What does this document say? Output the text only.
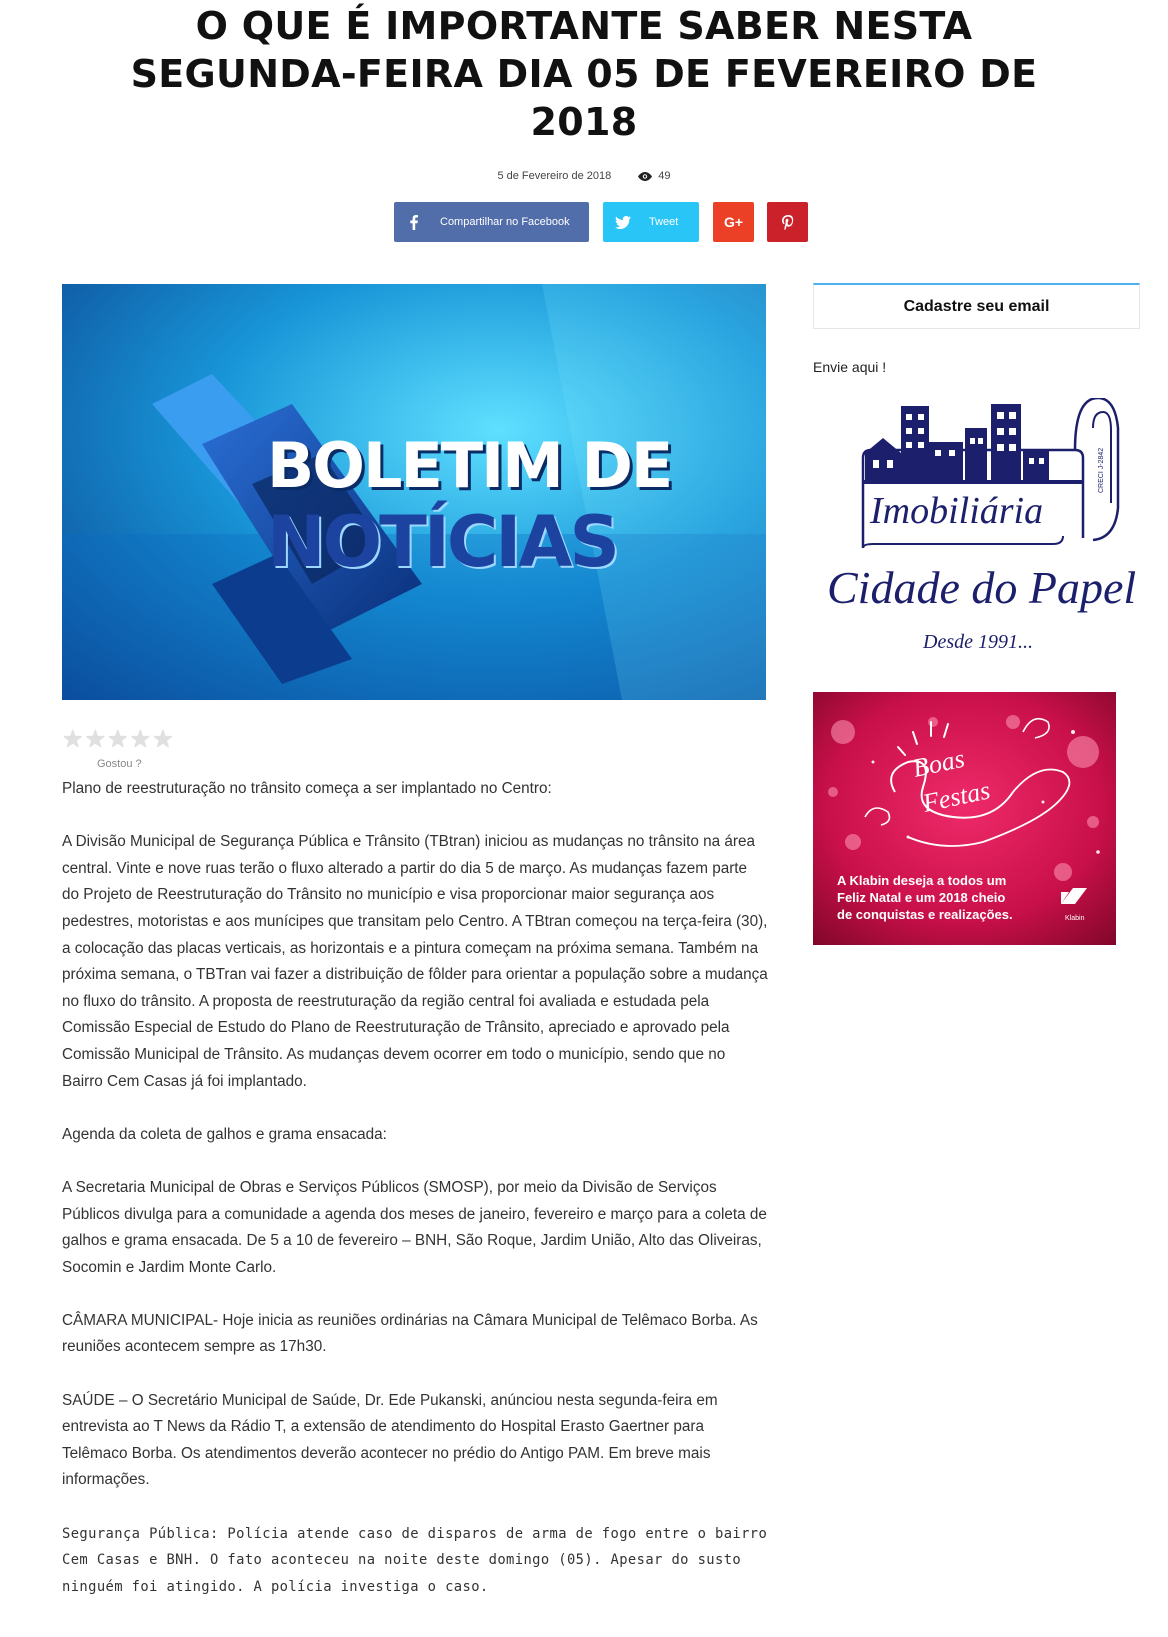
O QUE É IMPORTANTE SABER NESTA SEGUNDA-FEIRA DIA 05 DE FEVEREIRO DE 2018
5 de Fevereiro de 2018	49
Compartilhar no Facebook	Tweet	G+
BOLETIM DE
NOTÍCIAS
★ ★ ★ ★ ★
Gostou ?

Plano de reestruturação no trânsito começa a ser implantado no Centro:

A Divisão Municipal de Segurança Pública e Trânsito (TBtran) iniciou as mudanças no trânsito na área central. Vinte e nove ruas terão o fluxo alterado a partir do dia 5 de março. As mudanças fazem parte do Projeto de Reestruturação do Trânsito no município e visa proporcionar maior segurança aos pedestres, motoristas e aos munícipes que transitam pelo Centro. A TBtran começou na terça-feira (30), a colocação das placas verticais, as horizontais e a pintura começam na próxima semana. Também na próxima semana, o TBTran vai fazer a distribuição de fôlder para orientar a população sobre a mudança no fluxo do trânsito. A proposta de reestruturação da região central foi avaliada e estudada pela Comissão Especial de Estudo do Plano de Reestruturação de Trânsito, apreciado e aprovado pela Comissão Municipal de Trânsito. As mudanças devem ocorrer em todo o município, sendo que no Bairro Cem Casas já foi implantado.

Agenda da coleta de galhos e grama ensacada:

A Secretaria Municipal de Obras e Serviços Públicos (SMOSP), por meio da Divisão de Serviços Públicos divulga para a comunidade a agenda dos meses de janeiro, fevereiro e março para a coleta de galhos e grama ensacada. De 5 a 10 de fevereiro – BNH, São Roque, Jardim União, Alto das Oliveiras, Socomin e Jardim Monte Carlo.

CÂMARA MUNICIPAL- Hoje inicia as reuniões ordinárias na Câmara Municipal de Telêmaco Borba. As reuniões acontecem sempre as 17h30.

SAÚDE – O Secretário Municipal de Saúde, Dr. Ede Pukanski, anúnciou nesta segunda-feira em entrevista ao T News da Rádio T, a extensão de atendimento do Hospital Erasto Gaertner para Telêmaco Borba. Os atendimentos deverão acontecer no prédio do Antigo PAM. Em breve mais informações.

Segurança Pública: Polícia atende caso de disparos de arma de fogo entre o bairro Cem Casas e BNH. O fato aconteceu na noite deste domingo (05). Apesar do susto ninguém foi atingido. A polícia investiga o caso.

Cadastre seu email
Envie aqui !
CRECI J-2842
Imobiliária
Cidade do Papel
Desde 1991...
Boas
Festas
A Klabin deseja a todos um
Feliz Natal e um 2018 cheio
de conquistas e realizações.	Klabin
